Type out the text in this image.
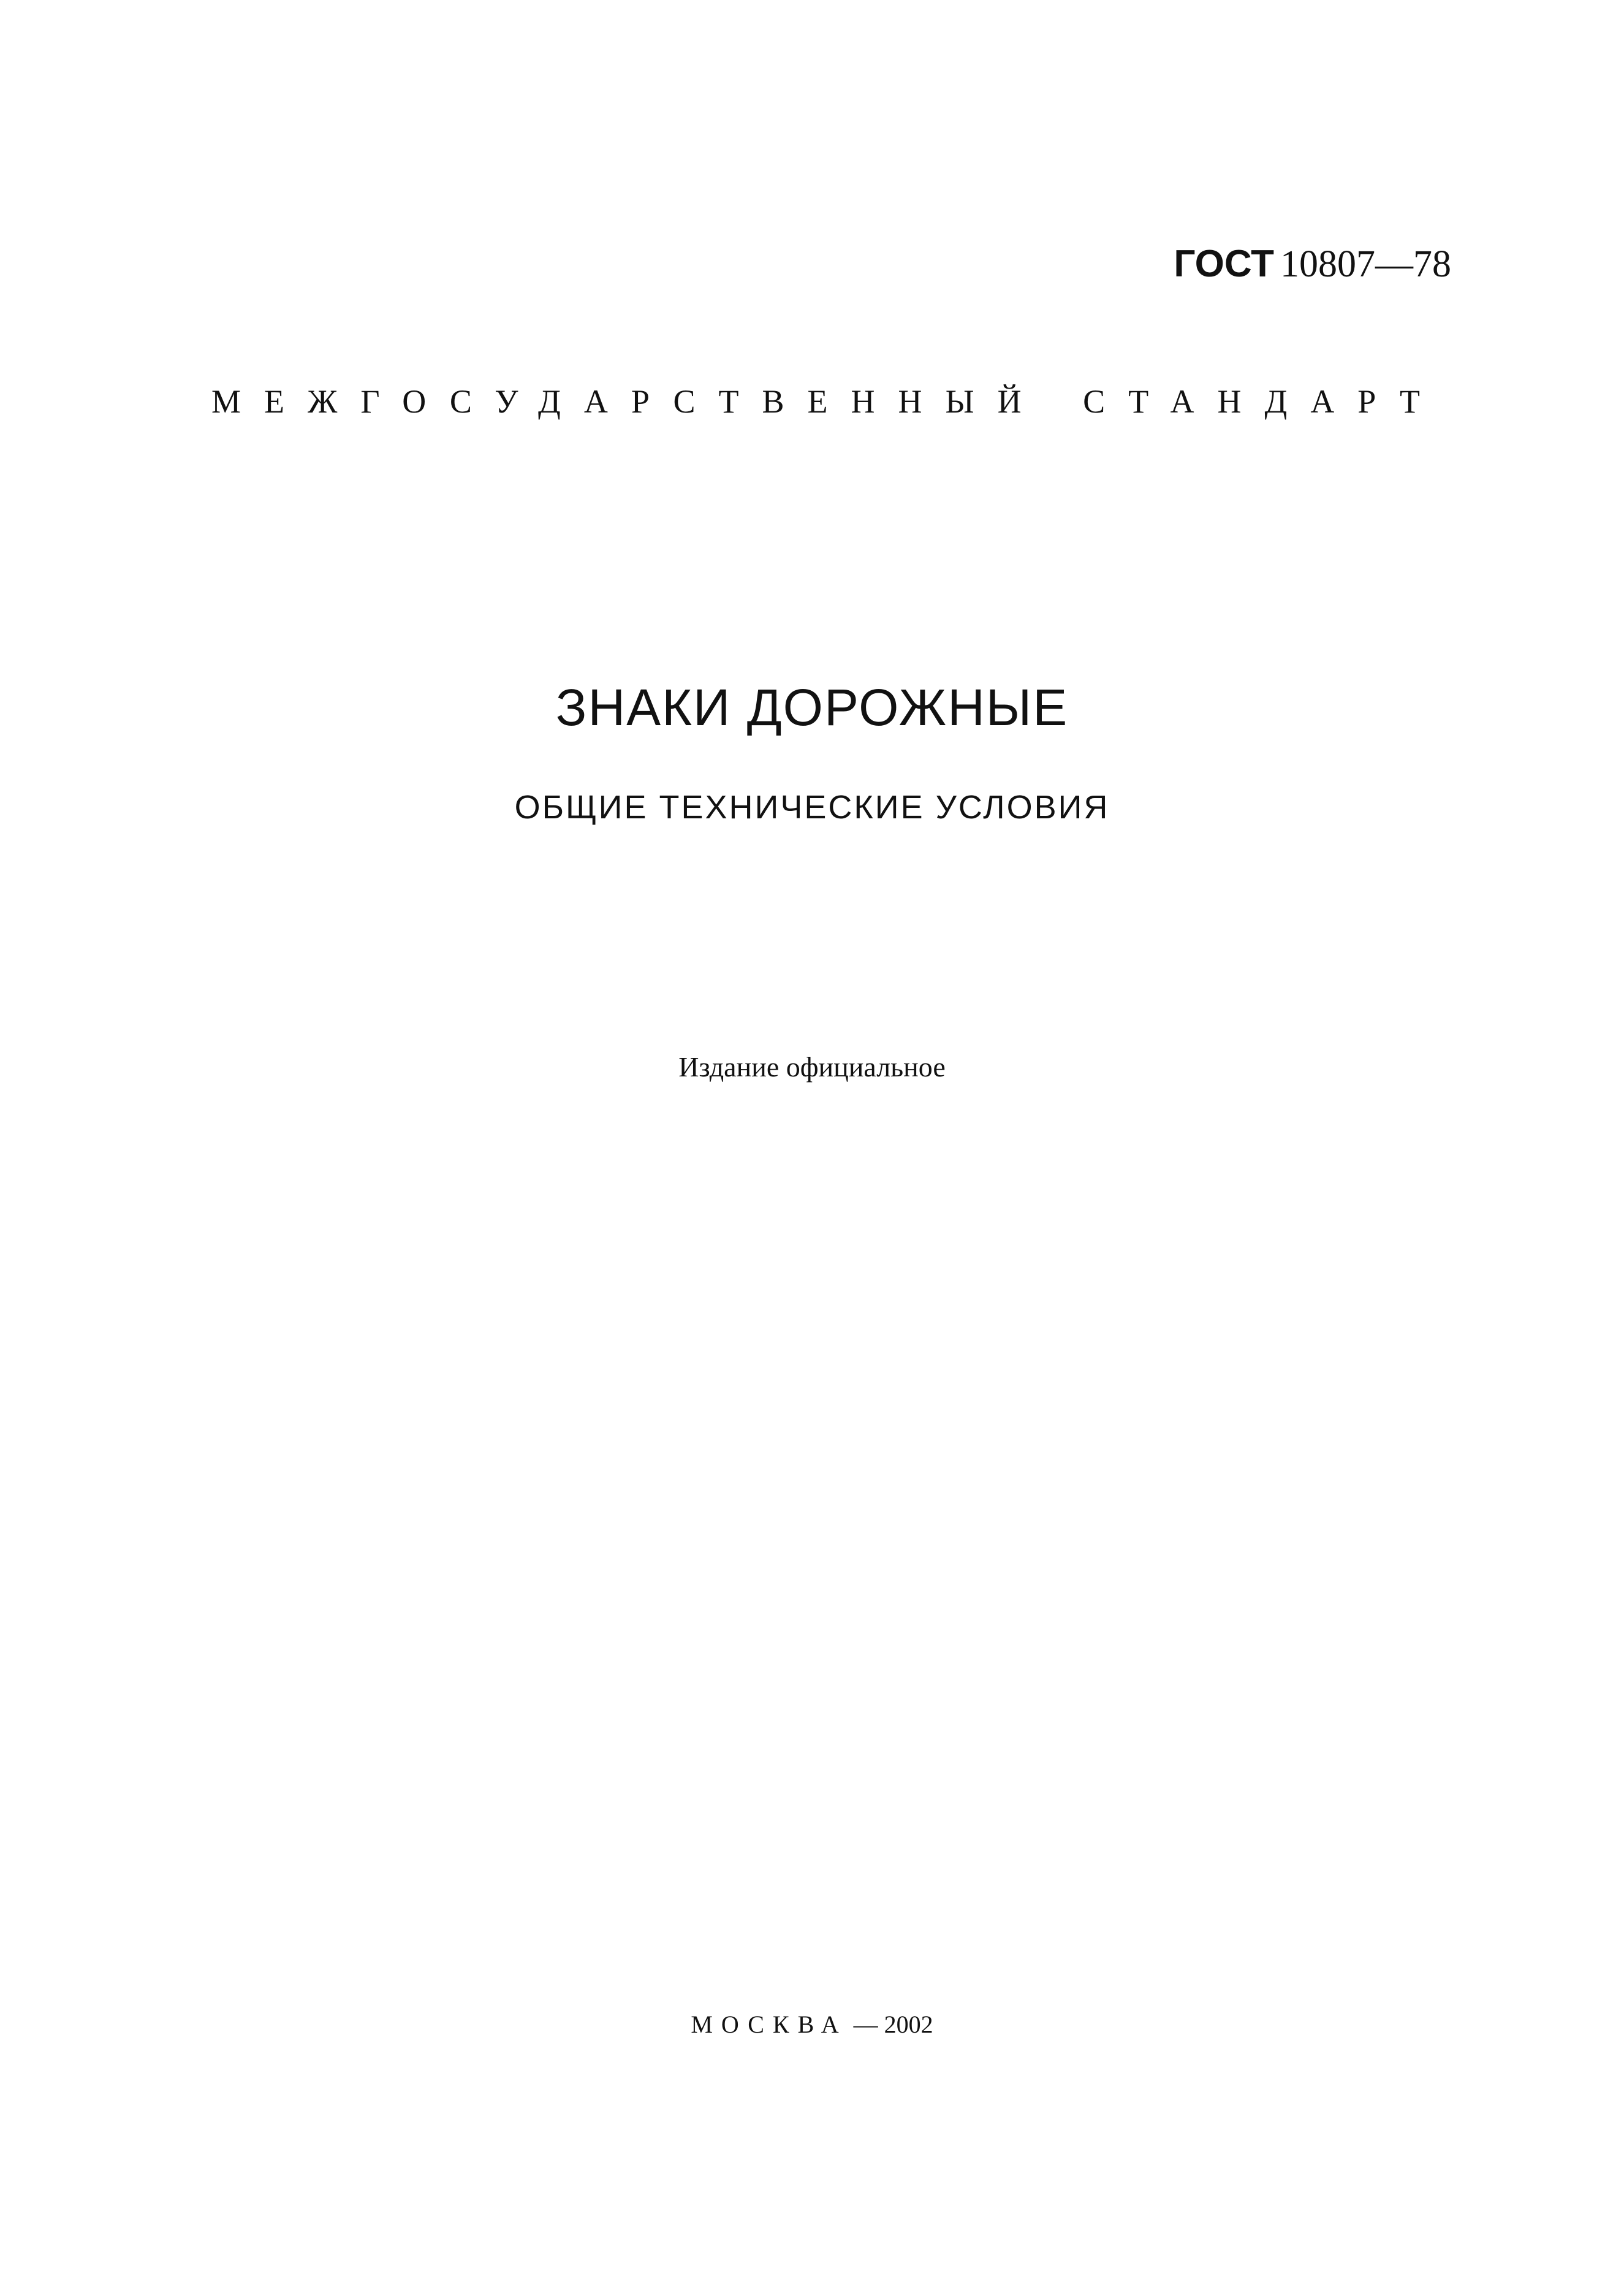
ГОСТ 10807—78
МЕЖГОСУДАРСТВЕННЫЙ СТАНДАРТ
ЗНАКИ ДОРОЖНЫЕ
ОБЩИЕ ТЕХНИЧЕСКИЕ УСЛОВИЯ
Издание официальное
МОСКВА — 2002
